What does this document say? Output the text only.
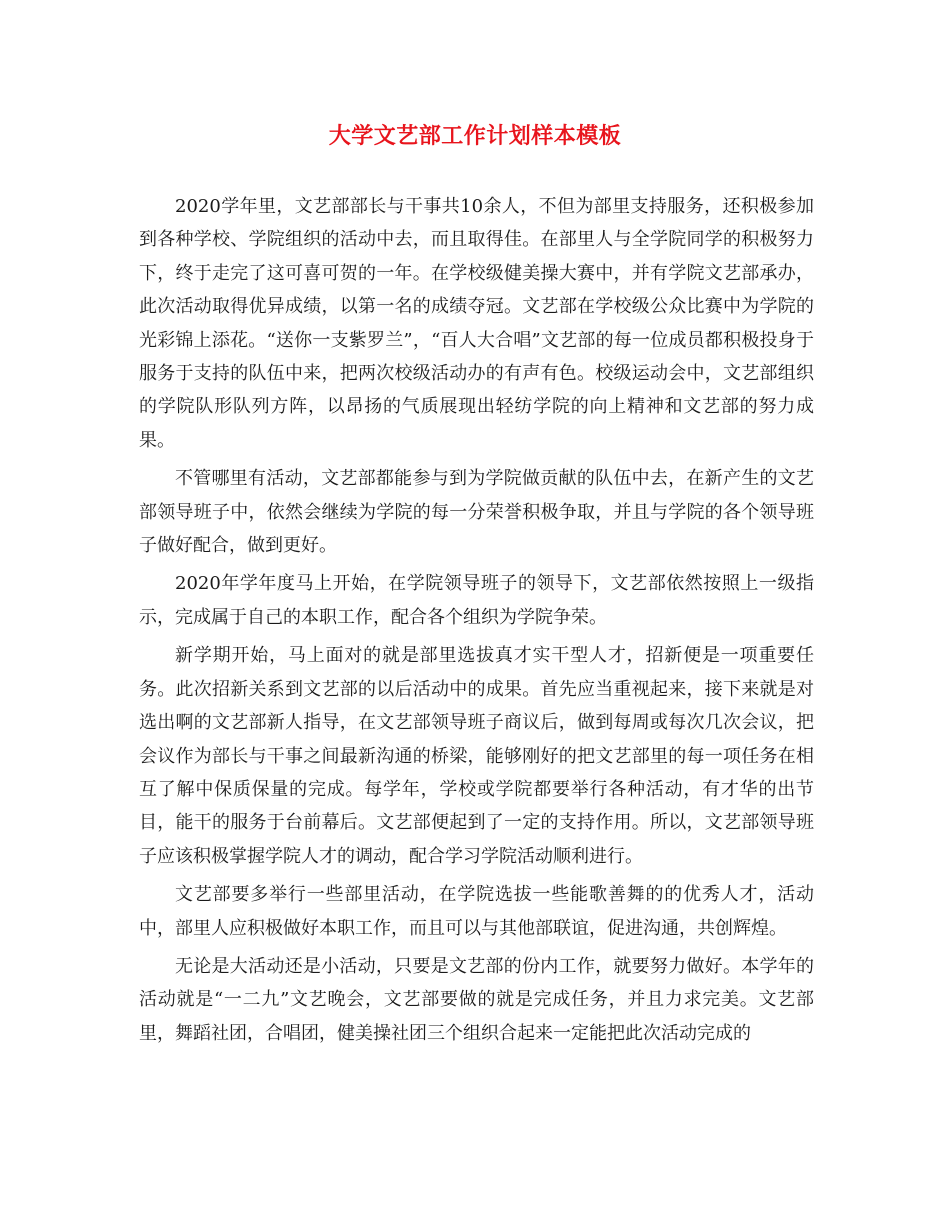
大学文艺部工作计划样本模板

2020学年里，文艺部部长与干事共10余人，不但为部里支持服务，还积极参加到各种学校、学院组织的活动中去，而且取得佳。在部里人与全学院同学的积极努力下，终于走完了这可喜可贺的一年。在学校级健美操大赛中，并有学院文艺部承办，此次活动取得优异成绩，以第一名的成绩夺冠。文艺部在学校级公众比赛中为学院的光彩锦上添花。“送你一支紫罗兰”，“百人大合唱”文艺部的每一位成员都积极投身于服务于支持的队伍中来，把两次校级活动办的有声有色。校级运动会中，文艺部组织的学院队形队列方阵，以昂扬的气质展现出轻纺学院的向上精神和文艺部的努力成果。

不管哪里有活动，文艺部都能参与到为学院做贡献的队伍中去，在新产生的文艺部领导班子中，依然会继续为学院的每一分荣誉积极争取，并且与学院的各个领导班子做好配合，做到更好。

2020年学年度马上开始，在学院领导班子的领导下，文艺部依然按照上一级指示，完成属于自己的本职工作，配合各个组织为学院争荣。

新学期开始，马上面对的就是部里选拔真才实干型人才，招新便是一项重要任务。此次招新关系到文艺部的以后活动中的成果。首先应当重视起来，接下来就是对选出啊的文艺部新人指导，在文艺部领导班子商议后，做到每周或每次几次会议，把会议作为部长与干事之间最新沟通的桥梁，能够刚好的把文艺部里的每一项任务在相互了解中保质保量的完成。每学年，学校或学院都要举行各种活动，有才华的出节目，能干的服务于台前幕后。文艺部便起到了一定的支持作用。所以，文艺部领导班子应该积极掌握学院人才的调动，配合学习学院活动顺利进行。

文艺部要多举行一些部里活动，在学院选拔一些能歌善舞的的优秀人才，活动中，部里人应积极做好本职工作，而且可以与其他部联谊，促进沟通，共创辉煌。

无论是大活动还是小活动，只要是文艺部的份内工作，就要努力做好。本学年的活动就是“一二九”文艺晚会，文艺部要做的就是完成任务，并且力求完美。文艺部里，舞蹈社团，合唱团，健美操社团三个组织合起来一定能把此次活动完成的
